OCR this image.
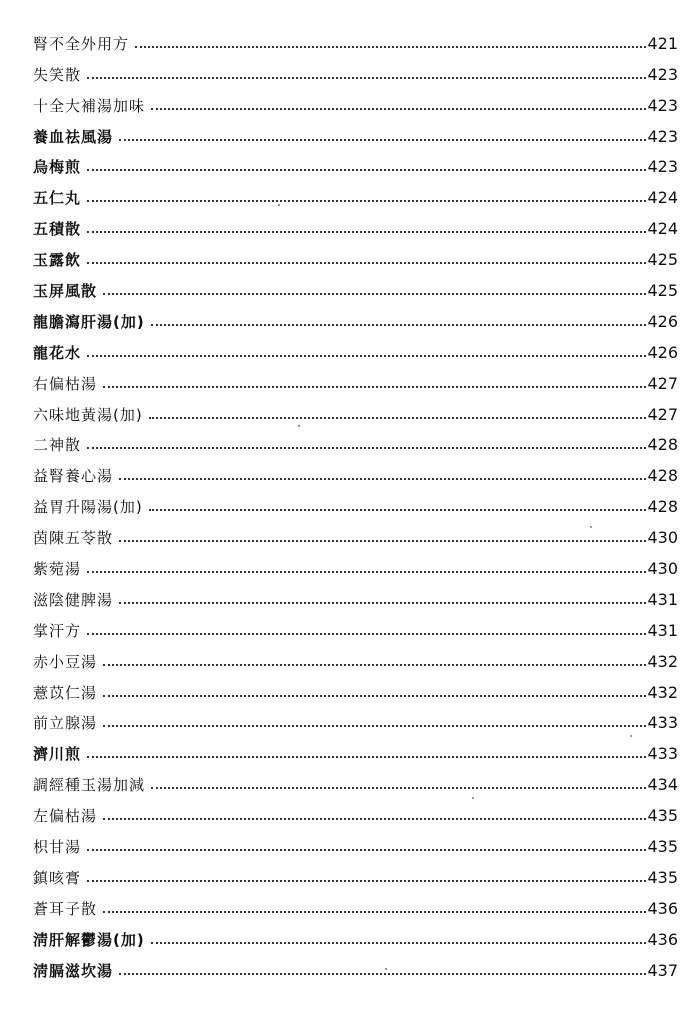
腎不全外用方	421
失笑散	423
十全大補湯加味	423
養血祛風湯	423
烏梅煎	423
五仁丸	424
五積散	424
玉露飲	425
玉屏風散	425
龍膽瀉肝湯(加)	426
龍花水	426
右偏枯湯	427
六味地黃湯(加)	427
二神散	428
益腎養心湯	428
益胃升陽湯(加)	428
茵陳五苓散	430
紫菀湯	430
滋陰健脾湯	431
掌汗方	431
赤小豆湯	432
薏苡仁湯	432
前立腺湯	433
濟川煎	433
調經種玉湯加減	434
左偏枯湯	435
枳甘湯	435
鎮咳膏	435
蒼耳子散	436
淸肝解鬱湯(加)	436
淸膈滋坎湯	437
